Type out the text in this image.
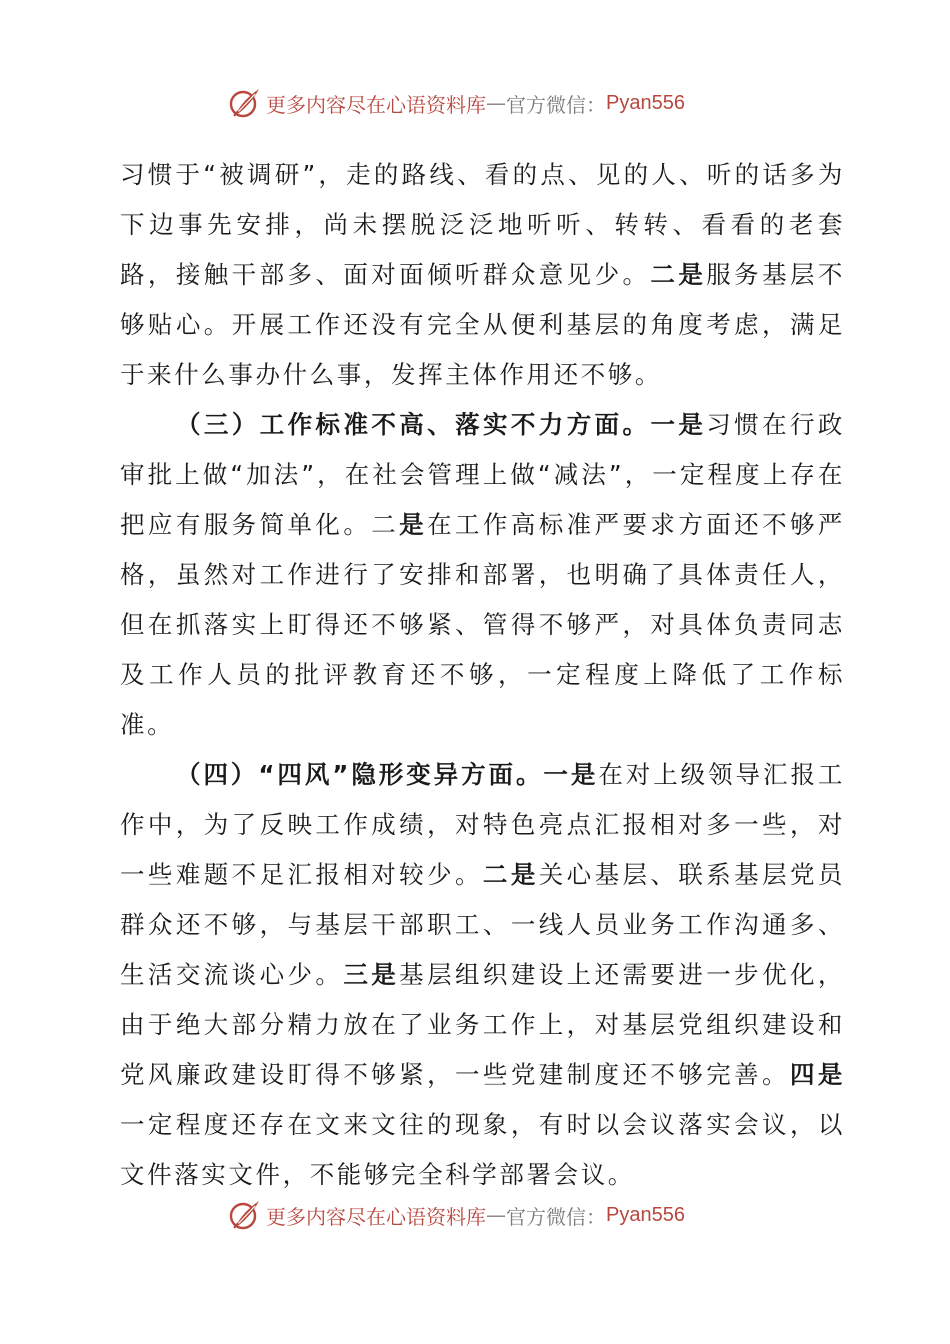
更多内容尽在心语资料库 — 官方微信： Pyan556

习惯于“被调研”，走的路线、看的点、见的人、听的话多为下边事先安排，尚未摆脱泛泛地听听、转转、看看的老套路，接触干部多、面对面倾听群众意见少。二是服务基层不够贴心。开展工作还没有完全从便利基层的角度考虑，满足于来什么事办什么事，发挥主体作用还不够。

（三）工作标准不高、落实不力方面。一是习惯在行政审批上做“加法”，在社会管理上做“减法”，一定程度上存在把应有服务简单化。二是在工作高标准严要求方面还不够严格，虽然对工作进行了安排和部署，也明确了具体责任人，但在抓落实上盯得还不够紧、管得不够严，对具体负责同志及工作人员的批评教育还不够，一定程度上降低了工作标准。

（四）“四风”隐形变异方面。一是在对上级领导汇报工作中，为了反映工作成绩，对特色亮点汇报相对多一些，对一些难题不足汇报相对较少。二是关心基层、联系基层党员群众还不够，与基层干部职工、一线人员业务工作沟通多、生活交流谈心少。三是基层组织建设上还需要进一步优化，由于绝大部分精力放在了业务工作上，对基层党组织建设和党风廉政建设盯得不够紧，一些党建制度还不够完善。四是一定程度还存在文来文往的现象，有时以会议落实会议，以文件落实文件，不能够完全科学部署会议。

更多内容尽在心语资料库 — 官方微信： Pyan556
